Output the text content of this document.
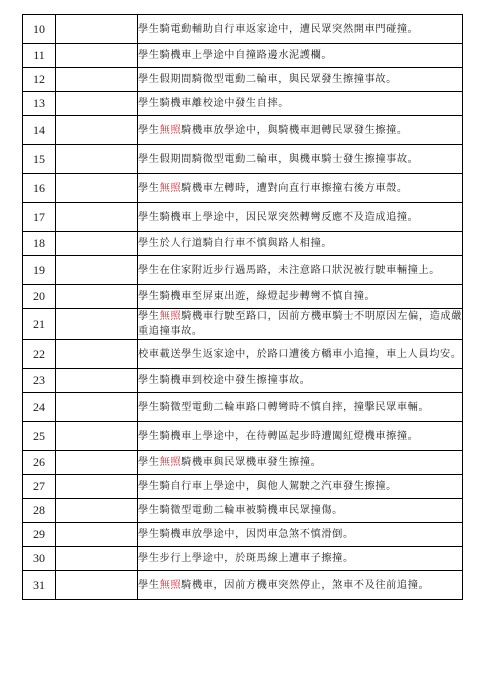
10		學生騎電動輔助自行車返家途中，遭民眾突然開車門碰撞。
11		學生騎機車上學途中自撞路邊水泥護欄。
12		學生假期間騎微型電動二輪車，與民眾發生擦撞事故。
13		學生騎機車離校途中發生自摔。
14		學生無照騎機車放學途中，與騎機車迴轉民眾發生擦撞。
15		學生假期間騎微型電動二輪車，與機車騎士發生擦撞事故。
16		學生無照騎機車左轉時，遭對向直行車擦撞右後方車殼。
17		學生騎機車上學途中，因民眾突然轉彎反應不及造成追撞。
18		學生於人行道騎自行車不慎與路人相撞。
19		學生在住家附近步行過馬路，未注意路口狀況被行駛車輛撞上。
20		學生騎機車至屏東出遊，綠燈起步轉彎不慎自撞。
21		學生無照騎機車行駛至路口，因前方機車騎士不明原因左偏，造成嚴重追撞事故。
22		校車載送學生返家途中，於路口遭後方轎車小追撞，車上人員均安。
23		學生騎機車到校途中發生擦撞事故。
24		學生騎微型電動二輪車路口轉彎時不慎自摔，撞擊民眾車輛。
25		學生騎機車上學途中，在待轉區起步時遭闖紅燈機車擦撞。
26		學生無照騎機車與民眾機車發生擦撞。
27		學生騎自行車上學途中，與他人駕駛之汽車發生擦撞。
28		學生騎微型電動二輪車被騎機車民眾撞傷。
29		學生騎機車放學途中，因閃車急煞不慎滑倒。
30		學生步行上學途中，於斑馬線上遭車子擦撞。
31		學生無照騎機車，因前方機車突然停止，煞車不及往前追撞。
